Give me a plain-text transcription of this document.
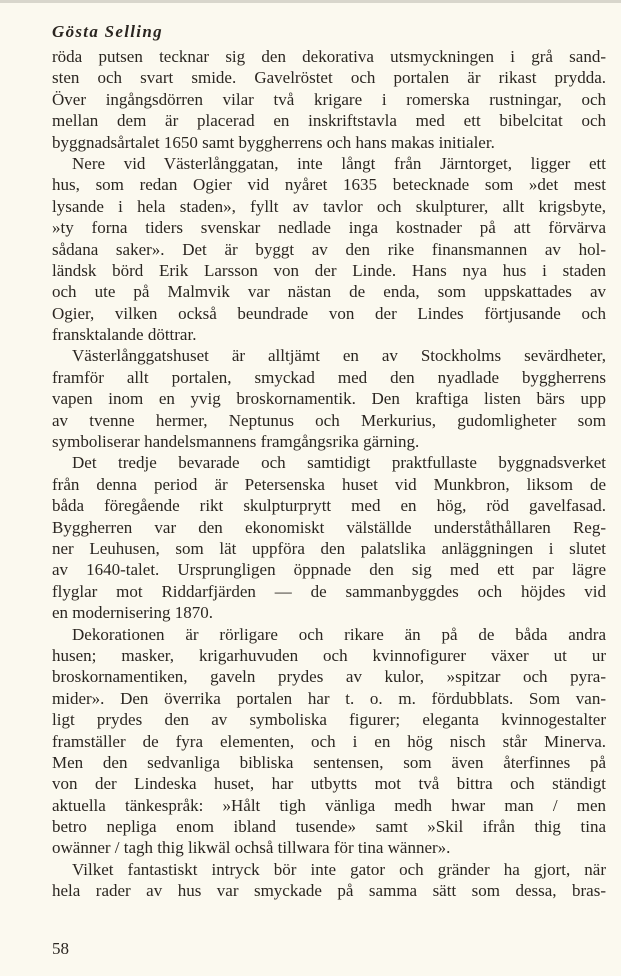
Gösta Selling
röda putsen tecknar sig den dekorativa utsmyckningen i grå sand-
sten och svart smide. Gavelröstet och portalen är rikast prydda.
Över ingångsdörren vilar två krigare i romerska rustningar, och
mellan dem är placerad en inskriftstavla med ett bibelcitat och
byggnadsårtalet 1650 samt byggherrens och hans makas initialer.
Nere vid Västerlånggatan, inte långt från Järntorget, ligger ett
hus, som redan Ogier vid nyåret 1635 betecknade som »det mest
lysande i hela staden», fyllt av tavlor och skulpturer, allt krigsbyte,
»ty forna tiders svenskar nedlade inga kostnader på att förvärva
sådana saker». Det är byggt av den rike finansmannen av hol-
ländsk börd Erik Larsson von der Linde. Hans nya hus i staden
och ute på Malmvik var nästan de enda, som uppskattades av
Ogier, vilken också beundrade von der Lindes förtjusande och
fransktalande döttrar.
Västerlånggatshuset är alltjämt en av Stockholms sevärdheter,
framför allt portalen, smyckad med den nyadlade byggherrens
vapen inom en yvig broskornamentik. Den kraftiga listen bärs upp
av tvenne hermer, Neptunus och Merkurius, gudomligheter som
symboliserar handelsmannens framgångsrika gärning.
Det tredje bevarade och samtidigt praktfullaste byggnadsverket
från denna period är Petersenska huset vid Munkbron, liksom de
båda föregående rikt skulpturprytt med en hög, röd gavelfasad.
Byggherren var den ekonomiskt välställde underståthållaren Reg-
ner Leuhusen, som lät uppföra den palatslika anläggningen i slutet
av 1640-talet. Ursprungligen öppnade den sig med ett par lägre
flyglar mot Riddarfjärden — de sammanbyggdes och höjdes vid
en modernisering 1870.
Dekorationen är rörligare och rikare än på de båda andra
husen; masker, krigarhuvuden och kvinnofigurer växer ut ur
broskornamentiken, gaveln prydes av kulor, »spitzar och pyra-
mider». Den överrika portalen har t. o. m. fördubblats. Som van-
ligt prydes den av symboliska figurer; eleganta kvinnogestalter
framställer de fyra elementen, och i en hög nisch står Minerva.
Men den sedvanliga bibliska sentensen, som även återfinnes på
von der Lindeska huset, har utbytts mot två bittra och ständigt
aktuella tänkespråk: »Hålt tigh vänliga medh hwar man / men
betro nepliga enom ibland tusende» samt »Skil ifrån thig tina
owänner / tagh thig likwäl ochså tillwara för tina wänner».
Vilket fantastiskt intryck bör inte gator och gränder ha gjort, när
hela rader av hus var smyckade på samma sätt som dessa, bras-
58
